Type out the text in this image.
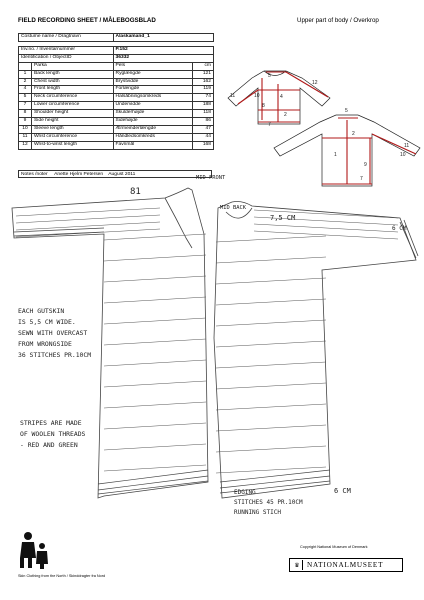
FIELD RECORDING SHEET / MÅLEBOGSBLAD	Upper part of body / Overkrop
Costume name / Dragtnavn		Alaskamand_1	

Inv.no. / Inventarnummer		P.152	
Identification / ObjectID		36332	
	Parka	Pels	cm
1	Back length	Ryglængde	121
2	Chest width	Brystvidde	162
4	Front length	Forlængde	119
5	Neck circumference	Halsåbningsomkreds	74
7	Lower circumference	Undervidde	188
8	Shoulder height	Skulderhøjde	118
9	Side height	Sidehøjde	86
10	Sleeve length	Ærmeinderlængde	47
11	Wrist circumference	Håndledsomkreds	44
12	Wrist-to-wrist length	Favnmål	168
Notes /noter Anette Hjelm Petersen August 2011
5
12
11	10	4
8
2
7
5
2
11
10
1
9
7
81
MID FRONT
MID BACK
7,5 CM
6 CM
EACH GUTSKIN
IS 5,5 CM WIDE.
SEWN WITH OVERCAST
FROM WRONGSIDE
36 STITCHES PR.10CM
STRIPES ARE MADE
OF WOOLEN THREADS
- RED AND GREEN
6 CM
EDGING
STITCHES 45 PR.10CM
RUNNING STICH
Skin Clothing from the North / Skinddragter fra Nord
Copyright National Museum of Denmark
♛	NATIONALMUSEET
